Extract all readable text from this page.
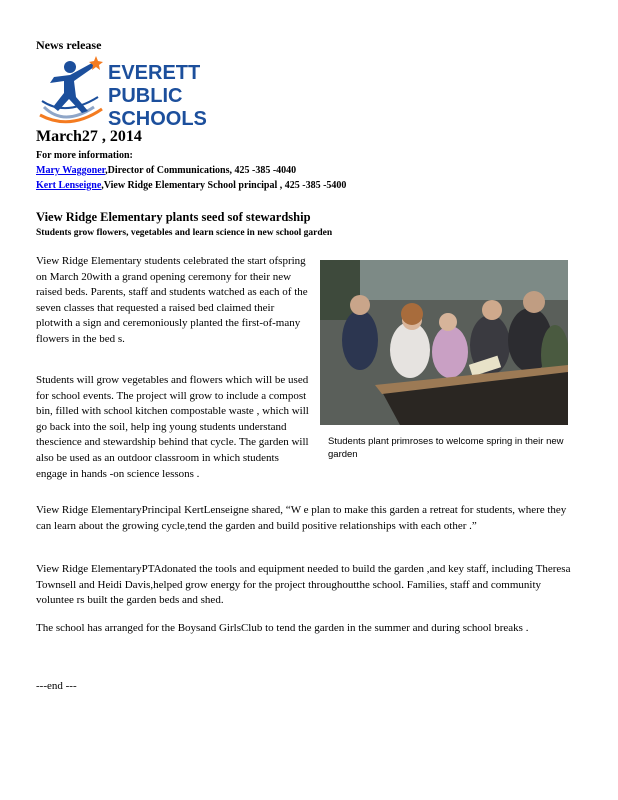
News release
EVERETT
PUBLIC
SCHOOLS
March27 , 2014
For more information:
Mary Waggoner,Director of Communications, 425 -385 -4040
Kert Lenseigne,View Ridge Elementary School principal , 425 -385 -5400
View Ridge Elementary plants seed sof stewardship
Students grow flowers, vegetables and learn science in new school garden
View Ridge Elementary students celebrated the start ofspring on March 20with a grand opening ceremony for their new raised beds. Parents, staff and students watched as each of the seven classes that requested a raised bed claimed their plotwith a sign and ceremoniously planted the first-of-many flowers in the bed s.
Students will grow vegetables and flowers which will be used for school events. The project will grow to include a compost bin, filled with school kitchen compostable waste , which will go back into the soil, help ing young students understand thescience and stewardship behind that cycle. The garden will also be used as an outdoor classroom in which students engage in hands -on science lessons .
Students plant primroses to welcome spring in their new garden
View Ridge ElementaryPrincipal KertLenseigne shared, “W e plan to make this garden a retreat for students, where they can learn about the growing cycle,tend the garden and build positive relationships with each other .”
View Ridge ElementaryPTAdonated the tools and equipment needed to build the garden ,and key staff, including Theresa Townsell and Heidi Davis,helped grow energy for the project throughoutthe school. Families, staff and community voluntee rs built the garden beds and shed.
The school has arranged for the Boysand GirlsClub to tend the garden in the summer and during school breaks .
---end ---
